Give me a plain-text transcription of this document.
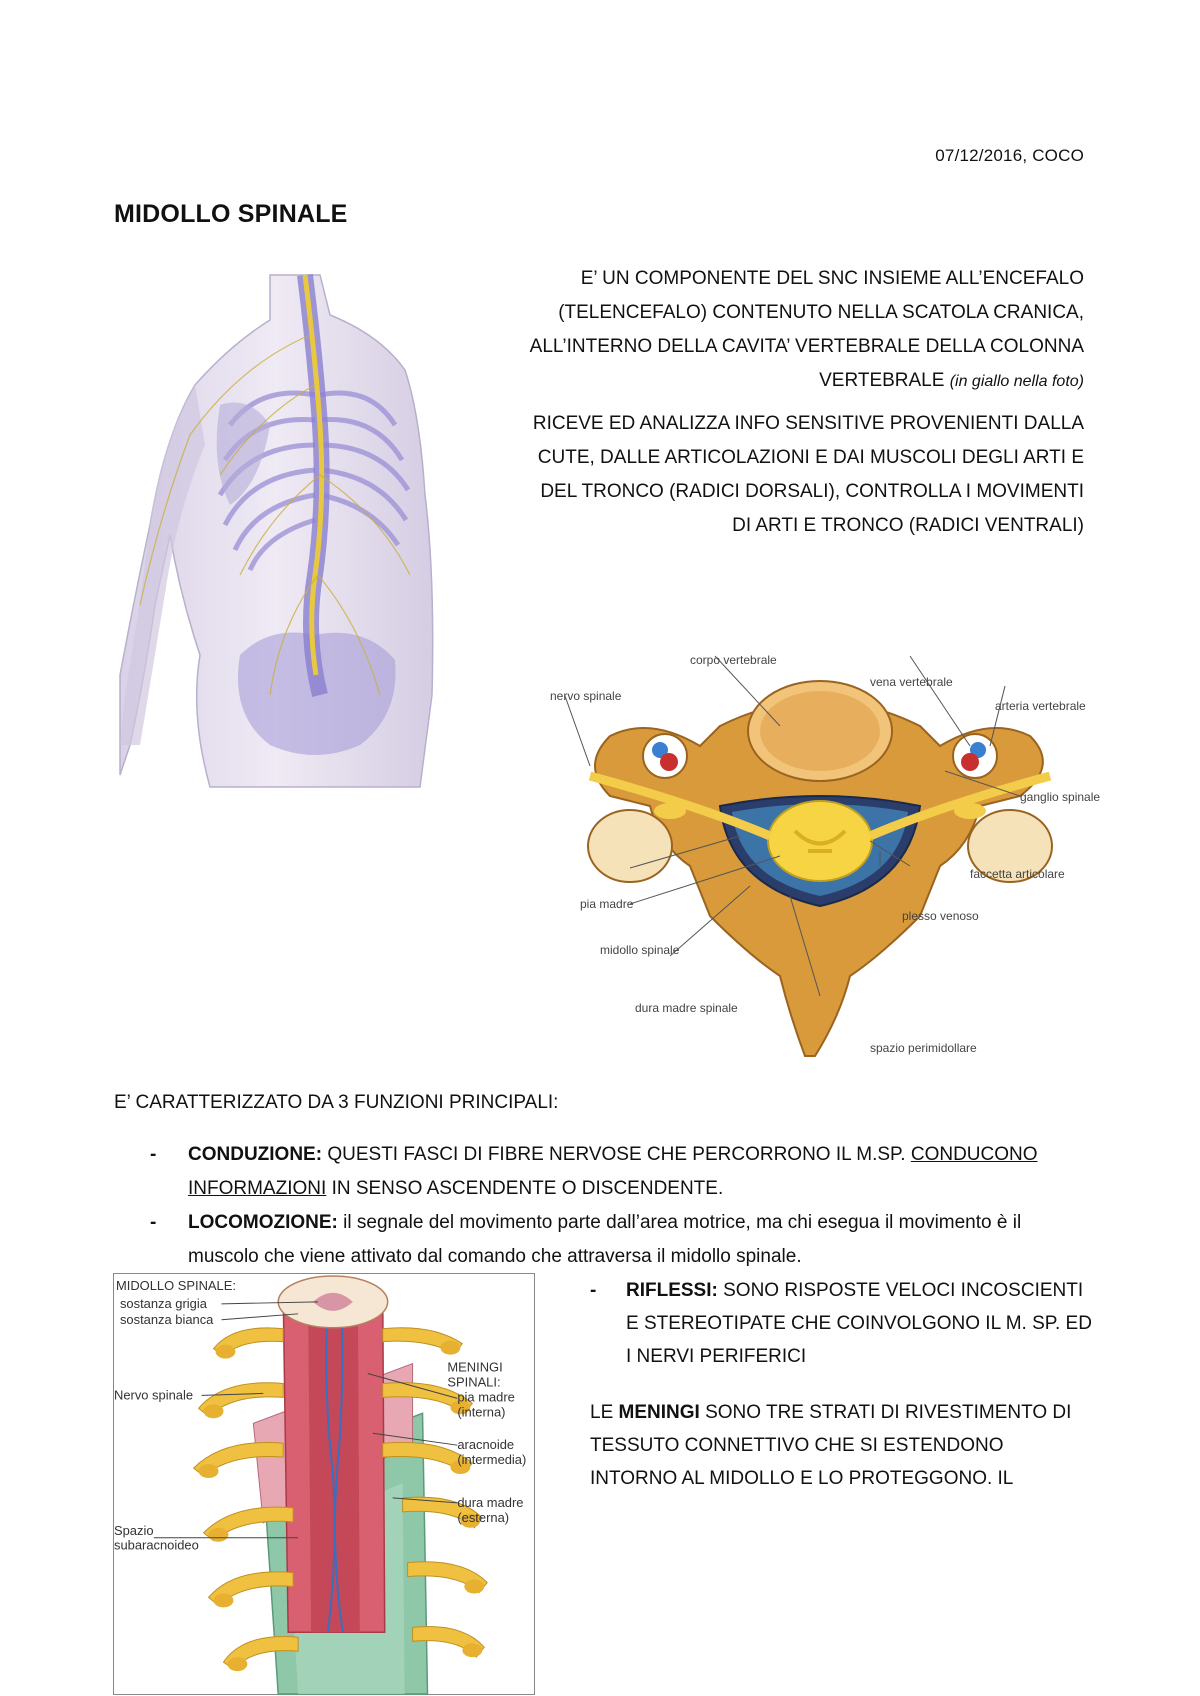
07/12/2016, COCO
MIDOLLO SPINALE

E’ UN COMPONENTE DEL SNC INSIEME ALL’ENCEFALO (TELENCEFALO) CONTENUTO NELLA SCATOLA CRANICA, ALL’INTERNO DELLA CAVITA’ VERTEBRALE DELLA COLONNA VERTEBRALE (in giallo nella foto)

RICEVE ED ANALIZZA INFO SENSITIVE PROVENIENTI DALLA CUTE, DALLE ARTICOLAZIONI E DAI MUSCOLI DEGLI ARTI E DEL TRONCO (RADICI DORSALI), CONTROLLA I MOVIMENTI DI ARTI E TRONCO (RADICI VENTRALI)

corpo vertebrale
vena vertebrale
arteria vertebrale
nervo spinale
ganglio spinale
faccetta articolare
pia madre
plesso venoso
midollo spinale
dura madre spinale
spazio perimidollare
E’ CARATTERIZZATO DA 3 FUNZIONI PRINCIPALI:
- CONDUZIONE: QUESTI FASCI DI FIBRE NERVOSE CHE PERCORRONO IL M.SP. CONDUCONO INFORMAZIONI IN SENSO ASCENDENTE O DISCENDENTE.
- LOCOMOZIONE: il segnale del movimento parte dall’area motrice, ma chi esegua il movimento è il muscolo che viene attivato dal comando che attraversa il midollo spinale.
MIDOLLO SPINALE:
sostanza grigia
sostanza bianca
Nervo spinale
MENINGI
SPINALI:
pia madre
(interna)
aracnoide
(intermedia)
dura madre
(esterna)
Spazio
subaracnoideo
- RIFLESSI: SONO RISPOSTE VELOCI INCOSCIENTI E STEREOTIPATE CHE COINVOLGONO IL M. SP. ED I NERVI PERIFERICI

LE MENINGI SONO TRE STRATI DI RIVESTIMENTO DI TESSUTO CONNETTIVO CHE SI ESTENDONO INTORNO AL MIDOLLO E LO PROTEGGONO. IL
